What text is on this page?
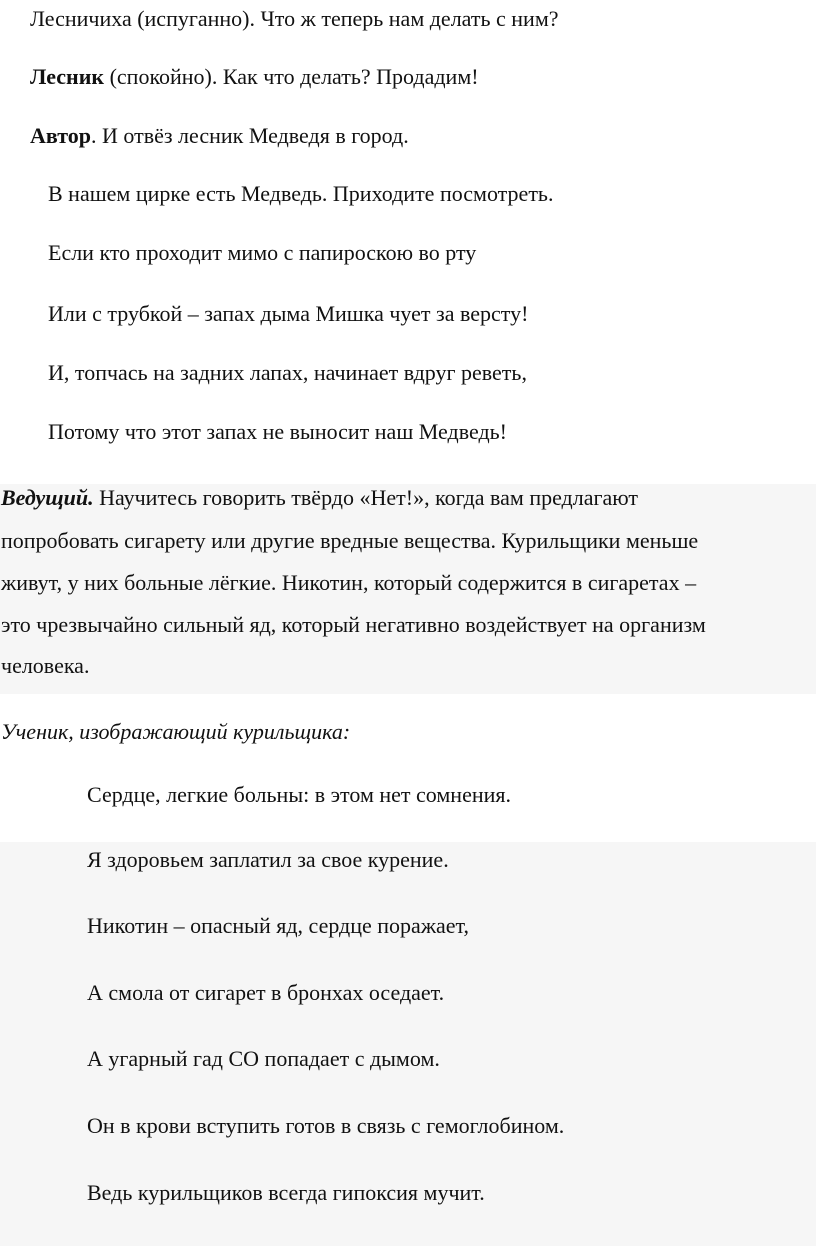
Лесничиха (испуганно). Что ж теперь нам делать с ним?
Лесник (спокойно). Как что делать? Продадим!
Автор. И отвёз лесник Медведя в город.
В нашем цирке есть Медведь. Приходите посмотреть.
Если кто проходит мимо с папироскою во рту
Или с трубкой – запах дыма Мишка чует за версту!
И, топчась на задних лапах, начинает вдруг реветь,
Потому что этот запах не выносит наш Медведь!
Ведущий. Научитесь говорить твёрдо «Нет!», когда вам предлагают
попробовать сигарету или другие вредные вещества. Курильщики меньше
живут, у них больные лёгкие. Никотин, который содержится в сигаретах –
это чрезвычайно сильный яд, который негативно воздействует на организм
человека.
Ученик, изображающий курильщика:
Сердце, легкие больны: в этом нет сомнения.
Я здоровьем заплатил за свое курение.
Никотин – опасный яд, сердце поражает,
А смола от сигарет в бронхах оседает.
А угарный гад СО попадает с дымом.
Он в крови вступить готов в связь с гемоглобином.
Ведь курильщиков всегда гипоксия мучит.
